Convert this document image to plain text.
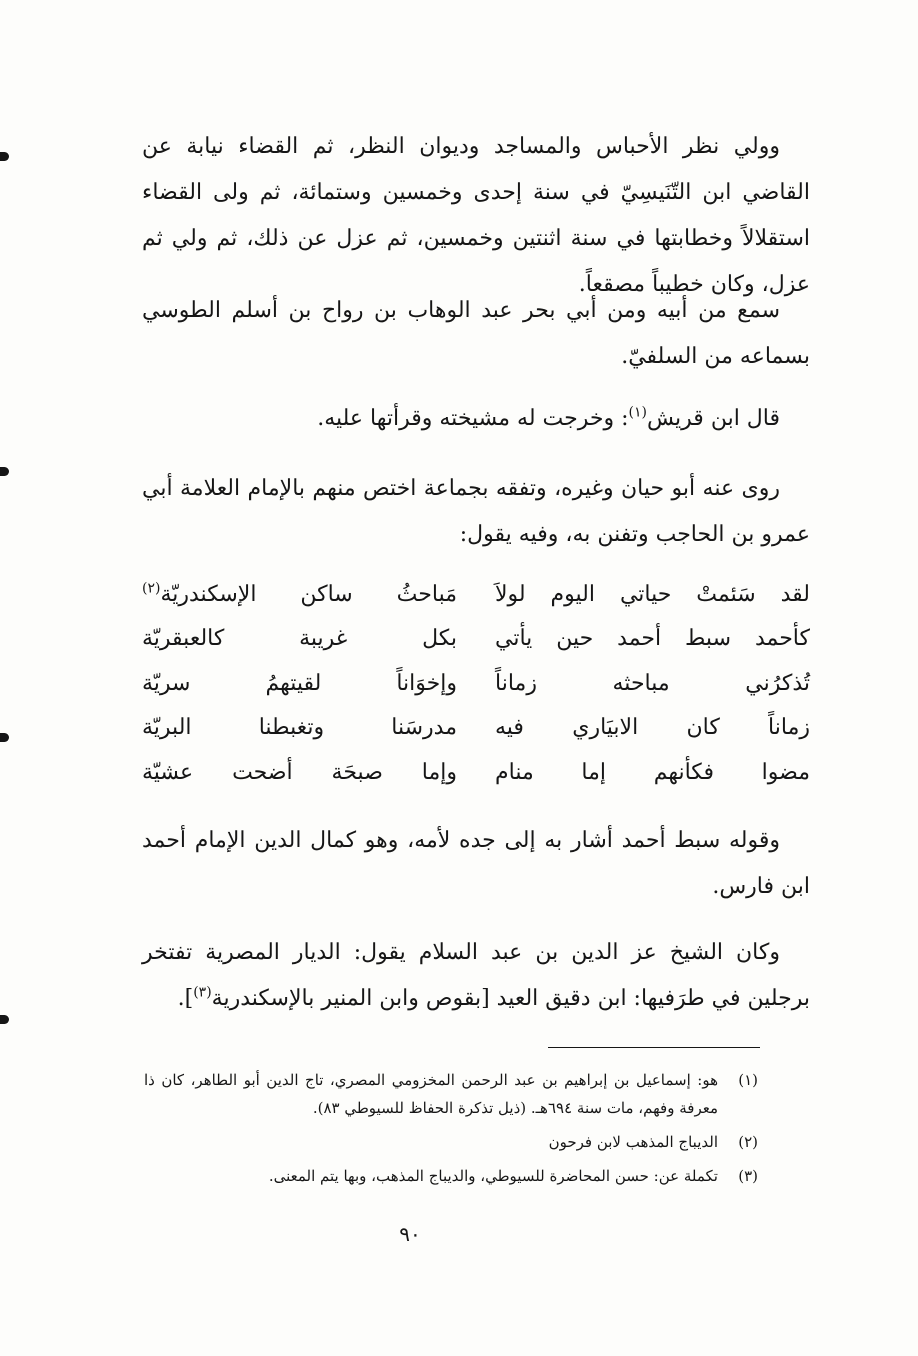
وولي نظر الأحباس والمساجد وديوان النظر، ثم القضاء نيابة عن القاضي ابن التّنَيسِيّ في سنة إحدى وخمسين وستمائة، ثم ولى القضاء استقلالاً وخطابتها في سنة اثنتين وخمسين، ثم عزل عن ذلك، ثم ولي ثم عزل، وكان خطيباً مصقعاً.

سمع من أبيه ومن أبي بحر عبد الوهاب بن رواح بن أسلم الطوسي بسماعه من السلفيّ.

قال ابن قريش$^{(١)}$: وخرجت له مشيخته وقرأتها عليه.

روى عنه أبو حيان وغيره، وتفقه بجماعة اختص منهم بالإمام العلامة أبي عمرو بن الحاجب وتفنن به، وفيه يقول:

لقد سَئمتْ حياتي اليوم لولاَ
مَباحثُ ساكن الإسكندريّة$^{(٢)}$
كأحمد سبط أحمد حين يأتي
بكل غريبة كالعبقريّة
تُذكرُني مباحثه زماناً
وإخوَاناً لقيتهمُ سريّة
زماناً كان الابيَاري فيه
مدرسَنا وتغبطنا البريّة
مضوا فكأنهم إما منام
وإما صبحَة أضحت عشيّة

وقوله سبط أحمد أشار به إلى جده لأمه، وهو كمال الدين الإمام أحمد ابن فارس.

وكان الشيخ عز الدين بن عبد السلام يقول: الديار المصرية تفتخر برجلين في طرَفيها: ابن دقيق العيد [بقوص وابن المنير بالإسكندرية$^{(٣)}$].

(١)
هو: إسماعيل بن إبراهيم بن عبد الرحمن المخزومي المصري، تاج الدين أبو الطاهر، كان ذا معرفة وفهم، مات سنة ٦٩٤هـ. (ذيل تذكرة الحفاظ للسيوطي ٨٣).

(٢)
الديباج المذهب لابن فرحون

(٣)
تكملة عن: حسن المحاضرة للسيوطي، والديباج المذهب، وبها يتم المعنى.

٩٠
